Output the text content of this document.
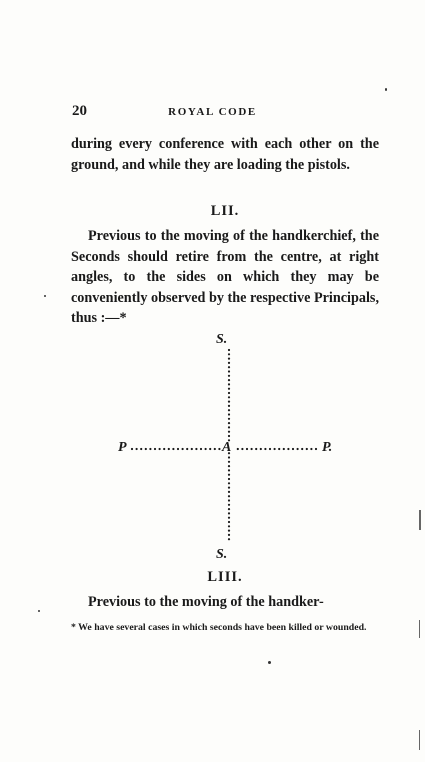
20	ROYAL CODE
during every conference with each other on the ground, and while they are loading the pistols.
LII.
Previous to the moving of the handkerchief, the Seconds should retire from the centre, at right angles, to the sides on which they may be conveniently observed by the respective Principals, thus :—*
S.
S.
P	P.
A
LIII.
Previous to the moving of the handker-
* We have several cases in which seconds have been killed or wounded.
